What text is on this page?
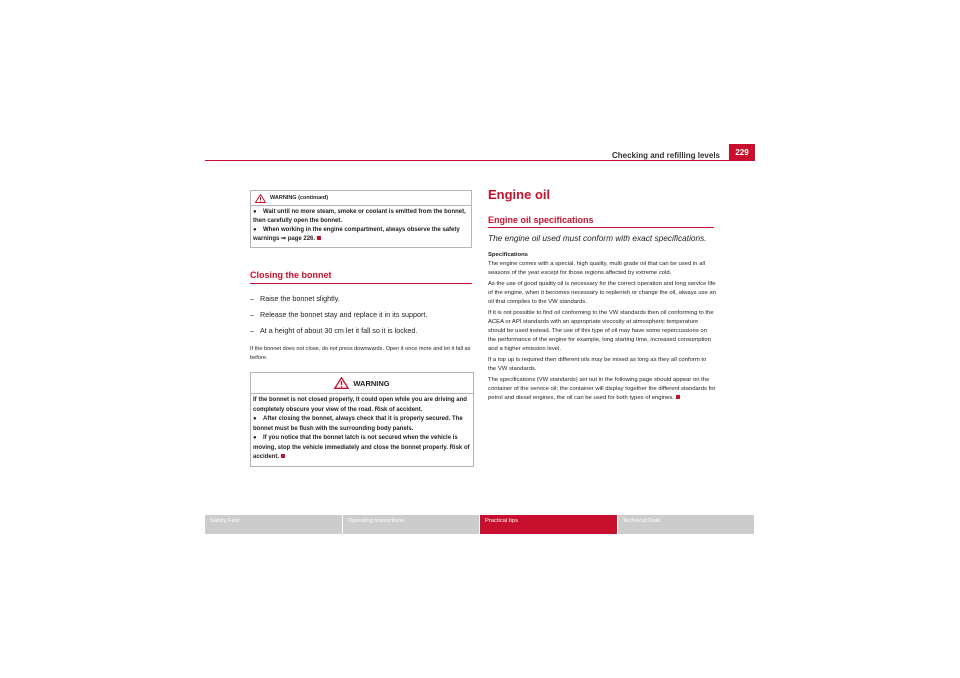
Checking and refilling levels	229
WARNING (continued)
● Wait until no more steam, smoke or coolant is emitted from the bonnet, then carefully open the bonnet.
● When working in the engine compartment, always observe the safety warnings ⇒ page 226.
Closing the bonnet
– Raise the bonnet slightly.
– Release the bonnet stay and replace it in its support.
– At a height of about 30 cm let it fall so it is locked.
If the bonnet does not close, do not press downwards. Open it once more and let it fall as before.
WARNING
If the bonnet is not closed properly, it could open while you are driving and completely obscure your view of the road. Risk of accident.
● After closing the bonnet, always check that it is properly secured. The bonnet must be flush with the surrounding body panels.
● If you notice that the bonnet latch is not secured when the vehicle is moving, stop the vehicle immediately and close the bonnet properly. Risk of accident.
Engine oil
Engine oil specifications
The engine oil used must conform with exact specifications.

Specifications

The engine comes with a special, high quality, multi grade oil that can be used in all seasons of the year except for those regions affected by extreme cold.

As the use of good quality oil is necessary for the correct operation and long service life of the engine, when it becomes necessary to replenish or change the oil, always use an oil that complies to the VW standards.

If it is not possible to find oil conforming to the VW standards then oil conforming to the ACEA or API standards with an appropriate viscosity at atmospheric temperature should be used instead. The use of this type of oil may have some repercussions on the performance of the engine for example, long starting time, increased consumption and a higher emission level.

If a top up is required then different oils may be mixed as long as they all conform to the VW standards.

The specifications (VW standards) set out in the following page should appear on the container of the service oil; the container will display together the different standards for petrol and diesel engines, the oil can be used for both types of engines.

Safety First	Operating instructions	Practical tips	Technical Data
